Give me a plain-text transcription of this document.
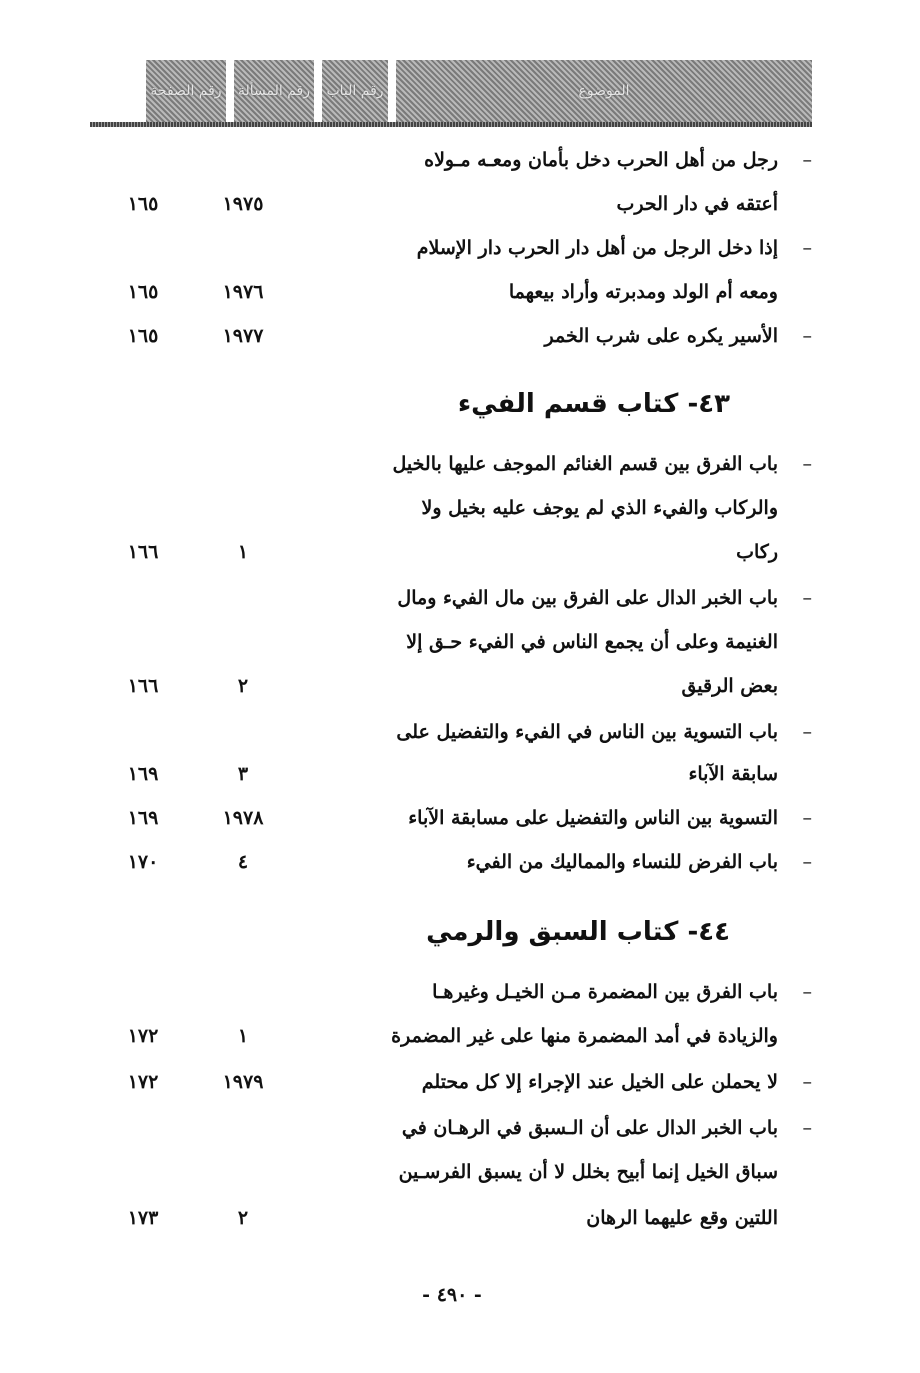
الموضوع
رقم الباب
رقم المسألة
رقم الصفحة
–
رجل من أهل الحرب دخل بأمان ومعـه مـولاه
أعتقه في دار الحرب
١٩٧٥
١٦٥
–
إذا دخل الرجل من أهل دار الحرب دار الإسلام
ومعه أم الولد ومدبرته وأراد بيعهما
١٩٧٦
١٦٥
–
الأسير يكره على شرب الخمر
١٩٧٧
١٦٥
٤٣- كتاب قسم الفيء
–
باب الفرق بين قسم الغنائم الموجف عليها بالخيل
والركاب والفيء الذي لم يوجف عليه بخيل ولا
ركاب
١
١٦٦
–
باب الخبر الدال على الفرق بين مال الفيء ومال
الغنيمة وعلى أن يجمع الناس في الفيء حـق إلا
بعض الرقيق
٢
١٦٦
–
باب التسوية بين الناس في الفيء والتفضيل على
سابقة الآباء
٣
١٦٩
–
التسوية بين الناس والتفضيل على مسابقة الآباء
١٩٧٨
١٦٩
–
باب الفرض للنساء والمماليك من الفيء
٤
١٧٠
٤٤- كتاب السبق والرمي
–
باب الفرق بين المضمرة مـن الخيـل وغيرهـا
والزيادة في أمد المضمرة منها على غير المضمرة
١
١٧٢
–
لا يحملن على الخيل عند الإجراء إلا كل محتلم
١٩٧٩
١٧٢
–
باب الخبر الدال على أن الـسبق في الرهـان في
سباق الخيل إنما أبيح بخلل لا أن يسبق الفرسـين
اللتين وقع عليهما الرهان
٢
١٧٣
- ٤٩٠ -
